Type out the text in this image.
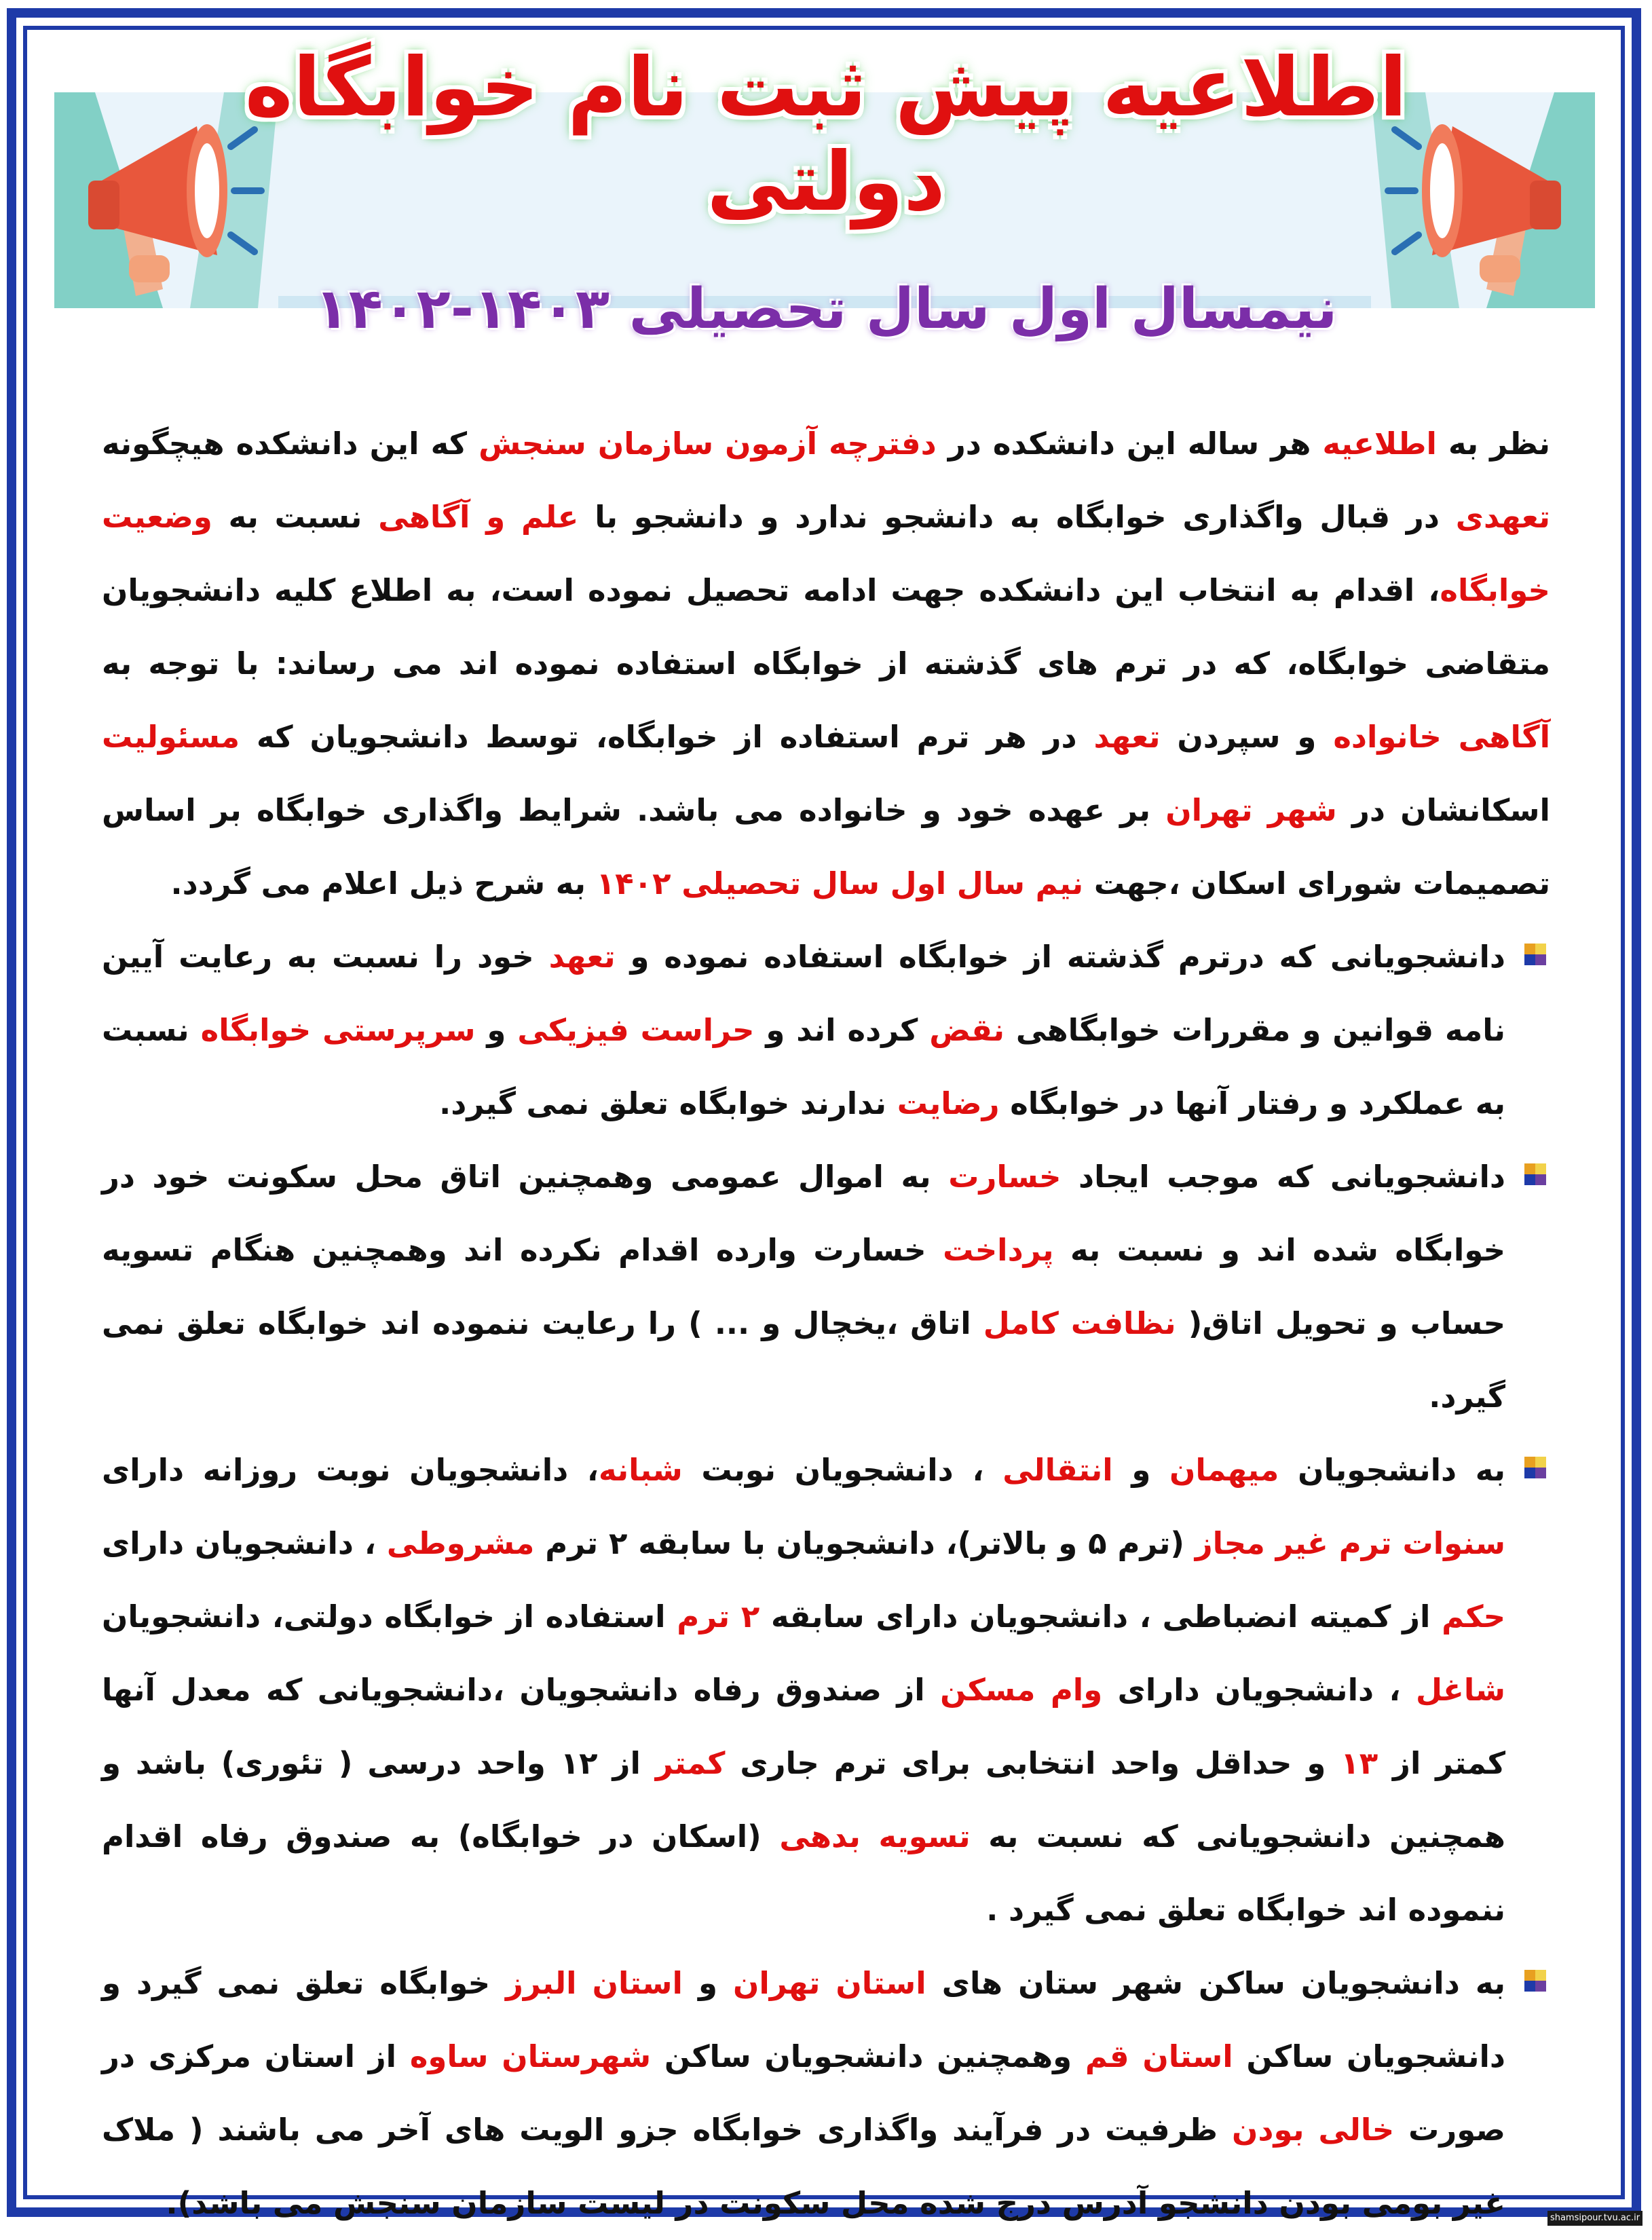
اطلاعیه پیش ثبت نام خوابگاه دولتی
نیمسال اول سال تحصیلی ۱۴۰۳-۱۴۰۲

نظر به اطلاعیه هر ساله این دانشکده در دفترچه آزمون سازمان سنجش که این دانشکده هیچگونه تعهدی در قبال واگذاری خوابگاه به دانشجو ندارد و دانشجو با علم و آگاهی نسبت به وضعیت خوابگاه، اقدام به انتخاب این دانشکده جهت ادامه تحصیل نموده است، به اطلاع کلیه دانشجویان متقاضی خوابگاه، که در ترم های گذشته از خوابگاه استفاده نموده اند می رساند: با توجه به آگاهی خانواده و سپردن تعهد در هر ترم استفاده از خوابگاه، توسط دانشجویان که مسئولیت اسکانشان در شهر تهران بر عهده خود و خانواده می باشد. شرایط واگذاری خوابگاه بر اساس تصمیمات شورای اسکان ،جهت نیم سال اول سال تحصیلی ۱۴۰۲ به شرح ذیل اعلام می گردد.

دانشجویانی که درترم گذشته از خوابگاه استفاده نموده و تعهد خود را نسبت به رعایت آیین نامه قوانین و مقررات خوابگاهی نقض کرده اند و حراست فیزیکی و سرپرستی خوابگاه نسبت به عملکرد و رفتار آنها در خوابگاه رضایت ندارند خوابگاه تعلق نمی گیرد.
دانشجویانی که موجب ایجاد خسارت به اموال عمومی وهمچنین اتاق محل سکونت خود در خوابگاه شده اند و نسبت به پرداخت خسارت وارده اقدام نکرده اند وهمچنین هنگام تسویه حساب و تحویل اتاق( نظافت کامل اتاق ،یخچال و ... ) را رعایت ننموده اند خوابگاه تعلق نمی گیرد.
به دانشجویان میهمان و انتقالی ، دانشجویان نوبت شبانه، دانشجویان نوبت روزانه دارای سنوات ترم غیر مجاز (ترم ۵ و بالاتر)، دانشجویان با سابقه ۲ ترم مشروطی ، دانشجویان دارای حکم از کمیته انضباطی ، دانشجویان دارای سابقه ۲ ترم استفاده از خوابگاه دولتی، دانشجویان شاغل ، دانشجویان دارای وام مسکن از صندوق رفاه دانشجویان ،دانشجویانی که معدل آنها کمتر از ۱۳ و حداقل واحد انتخابی برای ترم جاری کمتر از ۱۲ واحد درسی ( تئوری) باشد و همچنین دانشجویانی که نسبت به تسویه بدهی (اسکان در خوابگاه) به صندوق رفاه اقدام ننموده اند خوابگاه تعلق نمی گیرد .
به دانشجویان ساکن شهر ستان های استان تهران و استان البرز خوابگاه تعلق نمی گیرد و دانشجویان ساکن استان قم وهمچنین دانشجویان ساکن شهرستان ساوه از استان مرکزی در صورت خالی بودن ظرفیت در فرآیند واگذاری خوابگاه جزو الویت های آخر می باشند ( ملاک غیر بومی بودن دانشجو آدرس درج شده محل سکونت در لیست سازمان سنجش می باشد).	shamsipour.tvu.ac.ir
